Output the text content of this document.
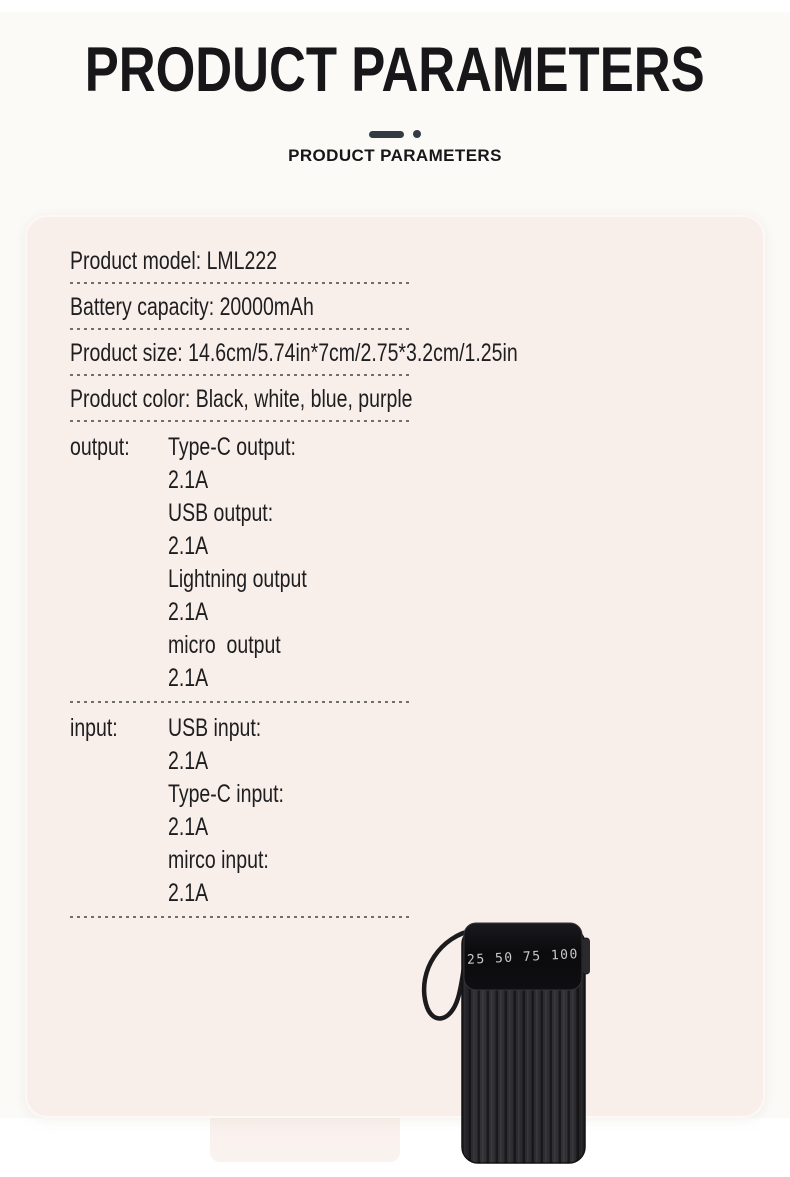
PRODUCT PARAMETERS
PRODUCT PARAMETERS
Product model: LML222
Battery capacity: 20000mAh
Product size: 14.6cm/5.74in*7cm/2.75*3.2cm/1.25in
Product color: Black, white, blue, purple
output:	Type-C output:
2.1A
USB output:
2.1A
Lightning output
2.1A
micro  output
2.1A
input:	USB input:
2.1A
Type-C input:
2.1A
mirco input:
2.1A
25 50 75 100
